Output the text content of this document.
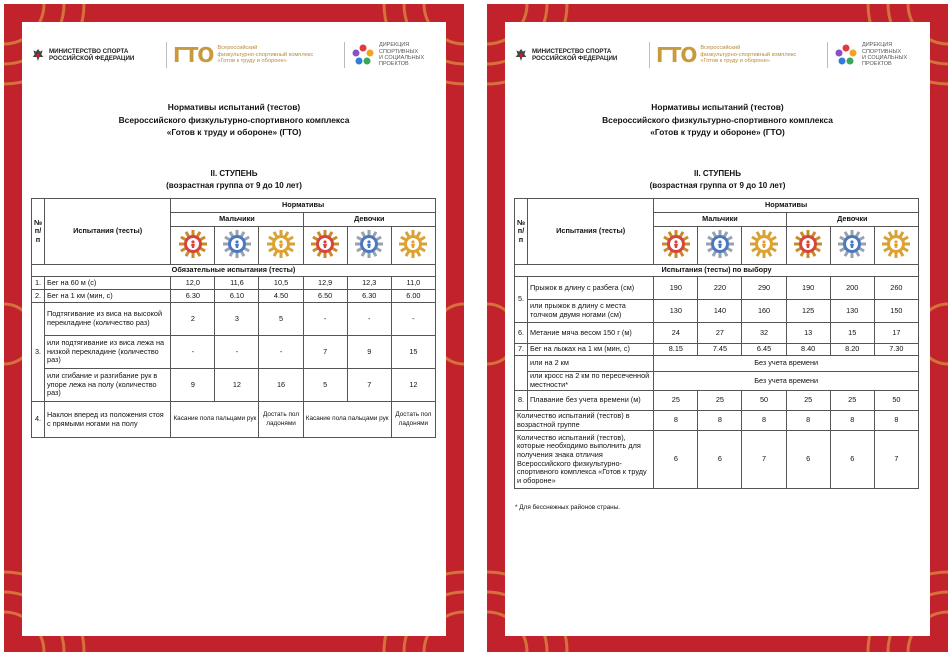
МИНИСТЕРСТВО СПОРТА РОССИЙСКОЙ ФЕДЕРАЦИИ	ГТО Всероссийский
физкультурно-спортивный комплекс
«Готов к труду и обороне»
ДИРЕКЦИЯ
СПОРТИВНЫХ
И СОЦИАЛЬНЫХ
ПРОЕКТОВ
Нормативы испытаний (тестов)
Всероссийского физкультурно-спортивного комплекса
«Готов к труду и обороне» (ГТО)
II. СТУПЕНЬ
(возрастная группа от 9 до 10 лет)
№ п/п	Испытания (тесты)	Нормативы					
		Мальчики			Девочки		

Обязательные испытания (тесты)							
1.	Бег на 60 м (с)	12,0	11,6	10,5	12,9	12,3	11,0
2.	Бег на 1 км (мин, с)	6.30	6.10	4.50	6.50	6.30	6.00
3.	Подтягивание из виса на высокой перекладине (количество раз)	2	3	5	-	-	-
	или подтягивание из виса лежа на низкой перекладине (количество раз)	-	-	-	7	9	15
	или сгибание и разгибание рук в упоре лежа на полу (количество раз)	9	12	16	5	7	12
4.	Наклон вперед из положения стоя с прямыми ногами на полу	Касание пола пальцами рук		Достать пол ладонями	Касание пола пальцами рук		Достать пол ладонями
МИНИСТЕРСТВО СПОРТА РОССИЙСКОЙ ФЕДЕРАЦИИ	ГТО Всероссийский
физкультурно-спортивный комплекс
«Готов к труду и обороне»
ДИРЕКЦИЯ
СПОРТИВНЫХ
И СОЦИАЛЬНЫХ
ПРОЕКТОВ
Нормативы испытаний (тестов)
Всероссийского физкультурно-спортивного комплекса
«Готов к труду и обороне» (ГТО)
II. СТУПЕНЬ
(возрастная группа от 9 до 10 лет)
№ п/п	Испытания (тесты)	Нормативы					
		Мальчики			Девочки		

Испытания (тесты) по выбору							
5.	Прыжок в длину с разбега (см)	190	220	290	190	200	260
	или прыжок в длину с места толчком двумя ногами (см)	130	140	160	125	130	150
6.	Метание мяча весом 150 г (м)	24	27	32	13	15	17
7.	Бег на лыжах на 1 км (мин, с)	8.15	7.45	6.45	8.40	8.20	7.30
	или на 2 км	Без учета времени					
	или кросс на 2 км по пересеченной местности*	Без учета времени					
8.	Плавание без учета времени (м)	25	25	50	25	25	50
Количество испытаний (тестов) в возрастной группе		8	8	8	8	8	8
Количество испытаний (тестов), которые необходимо выполнить для получения знака отличия Всероссийского физкультурно-спортивного комплекса «Готов к труду и обороне»		6	6	7	6	6	7
* Для бесснежных районов страны.
